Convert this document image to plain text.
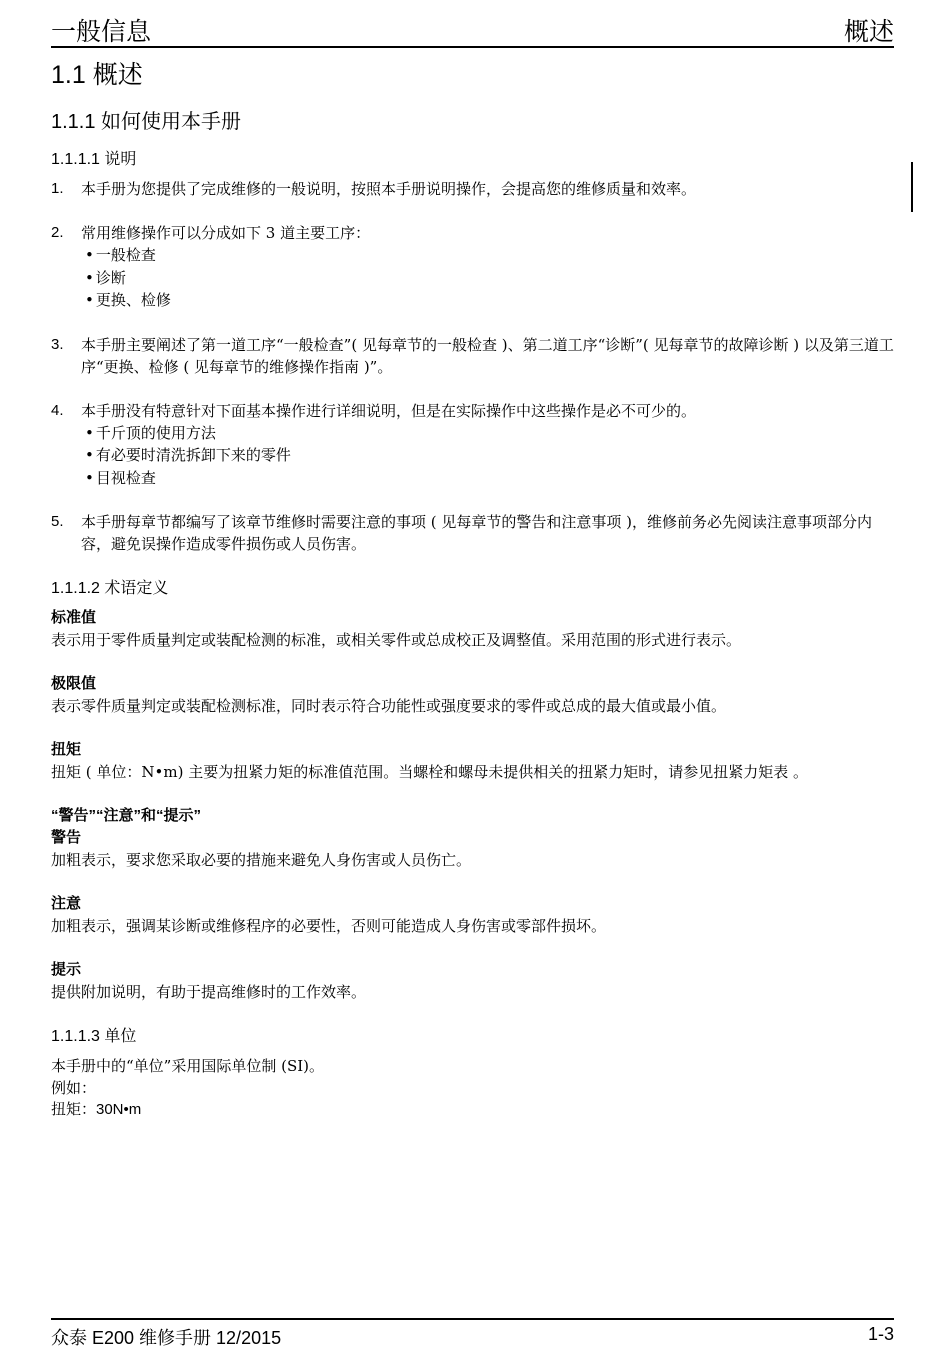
一般信息	概述
1.1 概述
1.1.1 如何使用本手册
1.1.1.1 说明
1. 本手册为您提供了完成维修的一般说明，按照本手册说明操作，会提高您的维修质量和效率。
2. 常用维修操作可以分成如下 3 道主要工序：
• 一般检查
• 诊断
• 更换、检修
3. 本手册主要阐述了第一道工序“一般检查”( 见每章节的一般检查 )、第二道工序“诊断”( 见每章节的故障诊断 ) 以及第三道工序“更换、检修 ( 见每章节的维修操作指南 )”。
4. 本手册没有特意针对下面基本操作进行详细说明，但是在实际操作中这些操作是必不可少的。
• 千斤顶的使用方法
• 有必要时清洗拆卸下来的零件
• 目视检查
5. 本手册每章节都编写了该章节维修时需要注意的事项 ( 见每章节的警告和注意事项 )，维修前务必先阅读注意事项部分内容，避免误操作造成零件损伤或人员伤害。
1.1.1.2 术语定义
标准值
表示用于零件质量判定或装配检测的标准，或相关零件或总成校正及调整值。采用范围的形式进行表示。
极限值
表示零件质量判定或装配检测标准，同时表示符合功能性或强度要求的零件或总成的最大值或最小值。
扭矩
扭矩 ( 单位：N•m) 主要为扭紧力矩的标准值范围。当螺栓和螺母未提供相关的扭紧力矩时，请参见扭紧力矩表 。
“警告”“注意”和“提示”
警告
加粗表示，要求您采取必要的措施来避免人身伤害或人员伤亡。
注意
加粗表示，强调某诊断或维修程序的必要性，否则可能造成人身伤害或零部件损坏。
提示
提供附加说明，有助于提高维修时的工作效率。
1.1.1.3 单位
本手册中的“单位”采用国际单位制 (SI)。
例如：
扭矩：30N•m
众泰 E200 维修手册 12/2015	1-3
